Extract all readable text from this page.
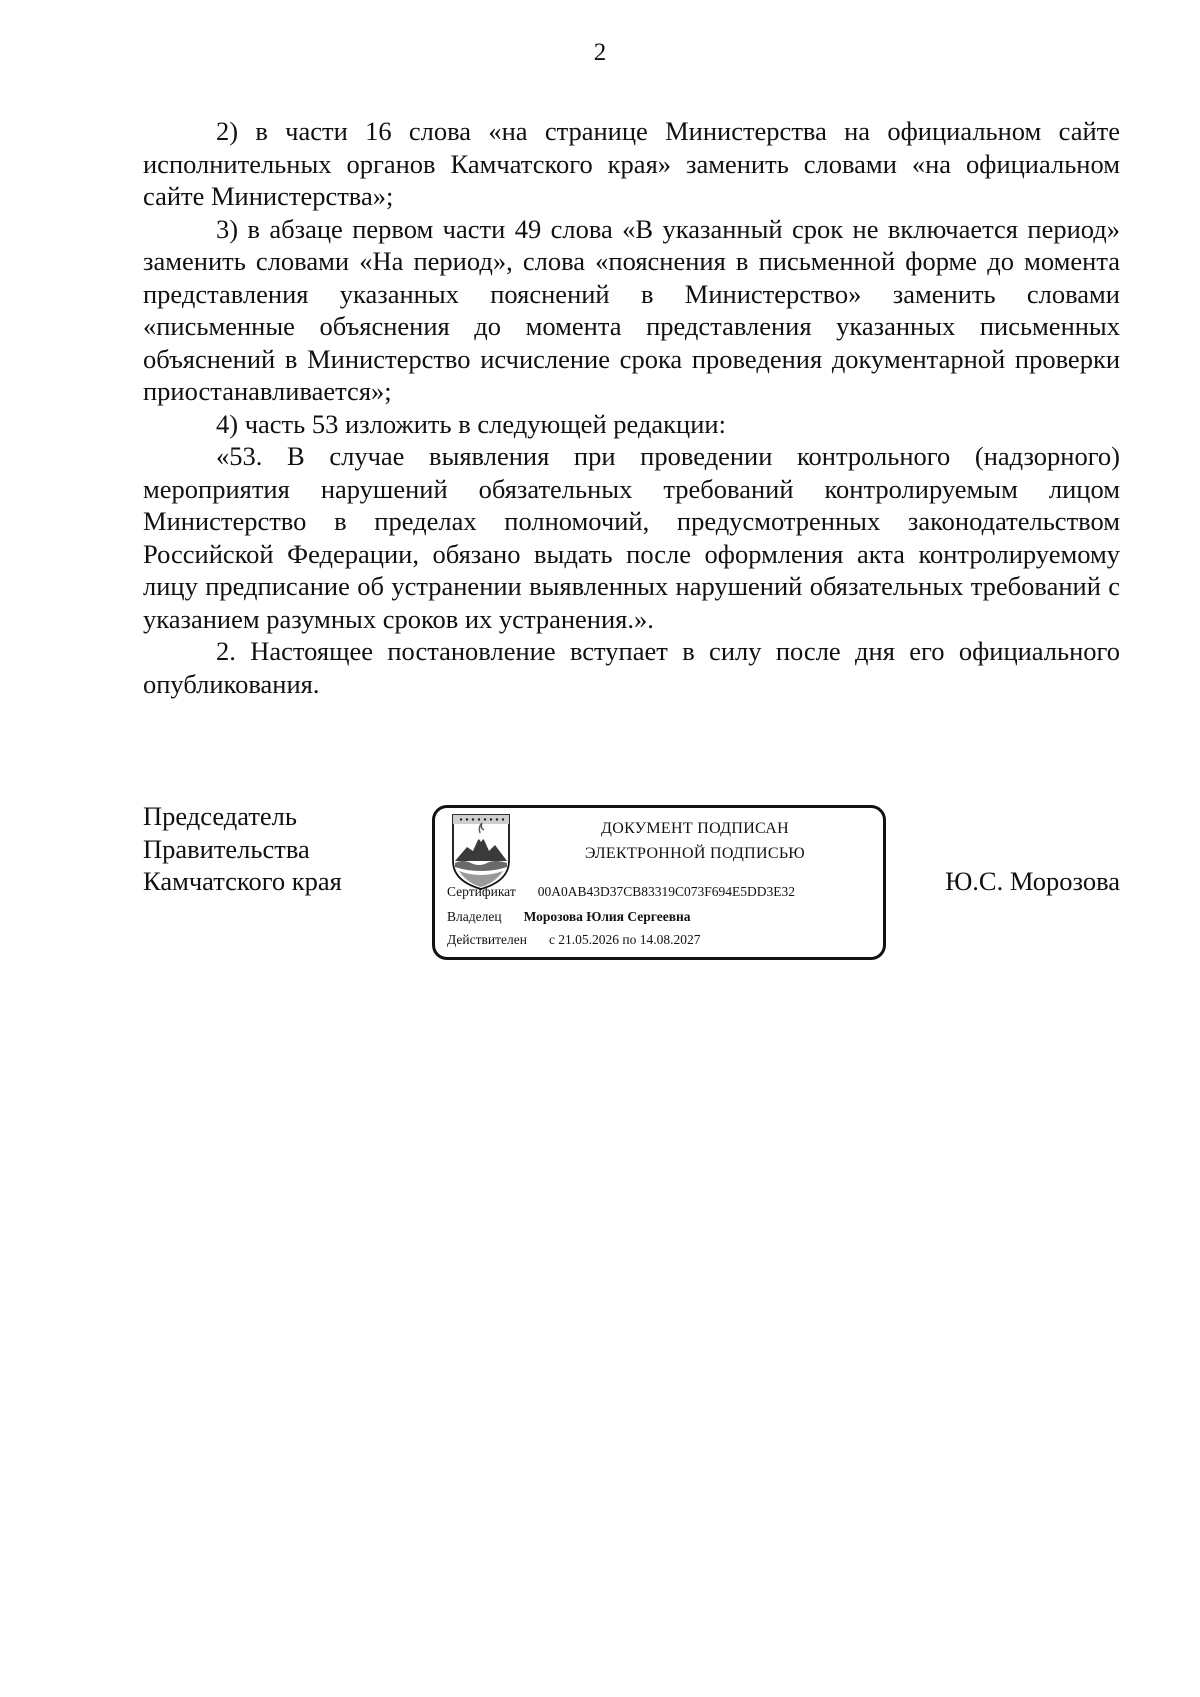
2

2) в части 16 слова «на странице Министерства на официальном сайте исполнительных органов Камчатского края» заменить словами «на официальном сайте Министерства»;

3) в абзаце первом части 49 слова «В указанный срок не включается период» заменить словами «На период», слова «пояснения в письменной форме до момента представления указанных пояснений в Министерство» заменить словами «письменные объяснения до момента представления указанных письменных объяснений в Министерство исчисление срока проведения документарной проверки приостанавливается»;

4) часть 53 изложить в следующей редакции:

«53. В случае выявления при проведении контрольного (надзорного) мероприятия нарушений обязательных требований контролируемым лицом Министерство в пределах полномочий, предусмотренных законодательством Российской Федерации, обязано выдать после оформления акта контролируемому лицу предписание об устранении выявленных нарушений обязательных требований с указанием разумных сроков их устранения.».

2. Настоящее постановление вступает в силу после дня его официального опубликования.

Председатель
Правительства
Камчатского края
ДОКУМЕНТ ПОДПИСАН
ЭЛЕКТРОННОЙ ПОДПИСЬЮ
Сертификат 00A0AB43D37CB83319C073F694E5DD3E32
Владелец Морозова Юлия Сергеевна
Действителен с 21.05.2026 по 14.08.2027
Ю.С. Морозова
